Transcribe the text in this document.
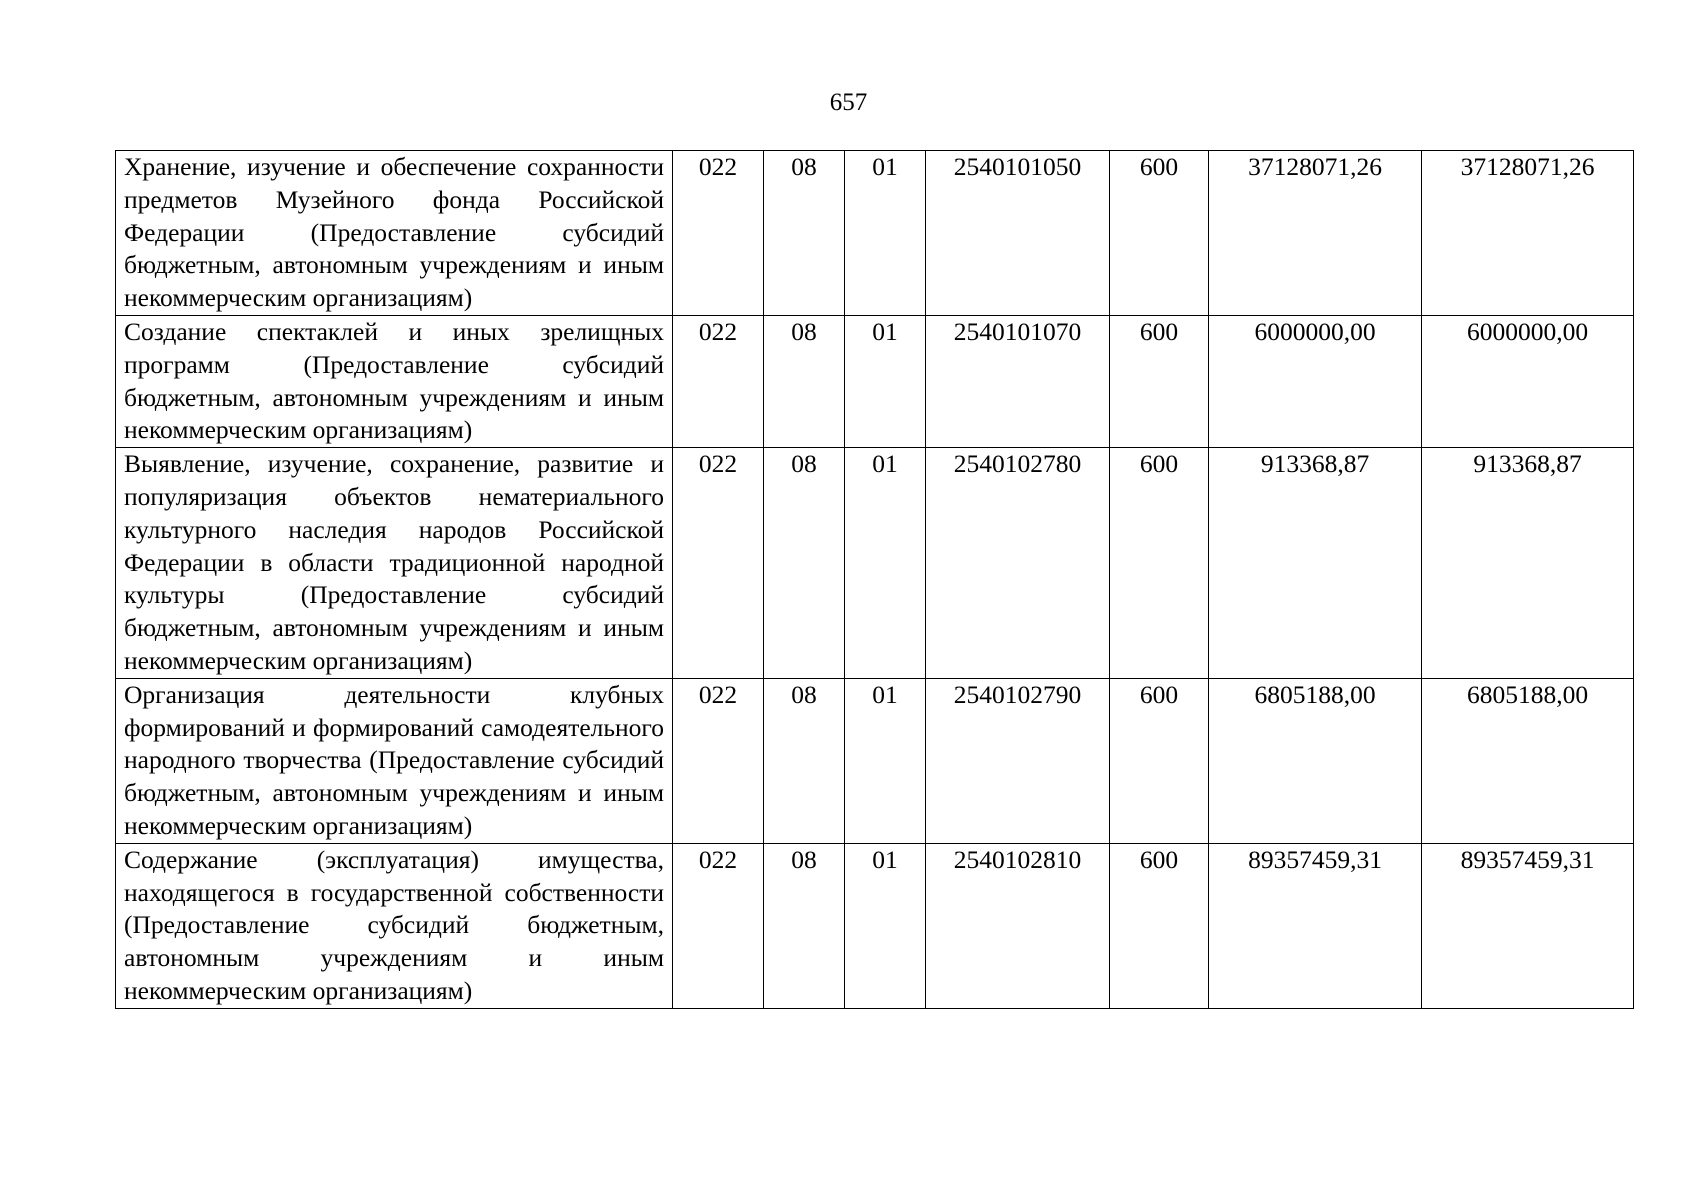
657
Хранение, изучение и обеспечение сохранности предметов Музейного фонда Российской Федерации (Предоставление субсидий бюджетным, автономным учреждениям и иным некоммерческим организациям)	022	08	01	2540101050	600	37128071,26	37128071,26
Создание спектаклей и иных зрелищных программ (Предоставление субсидий бюджетным, автономным учреждениям и иным некоммерческим организациям)	022	08	01	2540101070	600	6000000,00	6000000,00
Выявление, изучение, сохранение, развитие и популяризация объектов нематериального культурного наследия народов Российской Федерации в области традиционной народной культуры (Предоставление субсидий бюджетным, автономным учреждениям и иным некоммерческим организациям)	022	08	01	2540102780	600	913368,87	913368,87
Организация деятельности клубных формирований и формирований самодеятельного народного творчества (Предоставление субсидий бюджетным, автономным учреждениям и иным некоммерческим организациям)	022	08	01	2540102790	600	6805188,00	6805188,00
Содержание (эксплуатация) имущества, находящегося в государственной собственности (Предоставление субсидий бюджетным, автономным учреждениям и иным некоммерческим организациям)	022	08	01	2540102810	600	89357459,31	89357459,31
